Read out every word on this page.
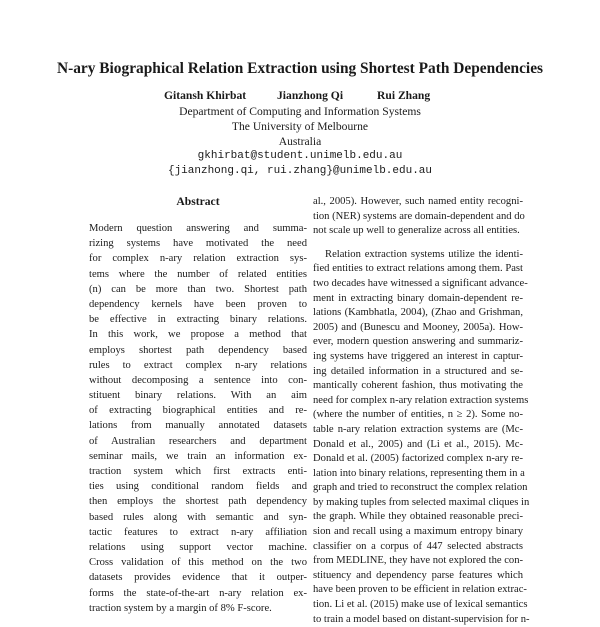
N-ary Biographical Relation Extraction using Shortest Path Dependencies
Gitansh Khirbat	Jianzhong Qi	Rui Zhang
Department of Computing and Information Systems
The University of Melbourne
Australia
gkhirbat@student.unimelb.edu.au
{jianzhong.qi, rui.zhang}@unimelb.edu.au
Abstract
Modern question answering and summa-
rizing systems have motivated the need
for complex n-ary relation extraction sys-
tems where the number of related entities
(n) can be more than two. Shortest path
dependency kernels have been proven to
be effective in extracting binary relations.
In this work, we propose a method that
employs shortest path dependency based
rules to extract complex n-ary relations
without decomposing a sentence into con-
stituent binary relations. With an aim
of extracting biographical entities and re-
lations from manually annotated datasets
of Australian researchers and department
seminar mails, we train an information ex-
traction system which first extracts enti-
ties using conditional random fields and
then employs the shortest path dependency
based rules along with semantic and syn-
tactic features to extract n-ary affiliation
relations using support vector machine.
Cross validation of this method on the two
datasets provides evidence that it outper-
forms the state-of-the-art n-ary relation ex-
traction system by a margin of 8% F-score.
al., 2005). However, such named entity recogni-
tion (NER) systems are domain-dependent and do
not scale up well to generalize across all entities.
Relation extraction systems utilize the identi-
fied entities to extract relations among them. Past
two decades have witnessed a significant advance-
ment in extracting binary domain-dependent re-
lations (Kambhatla, 2004), (Zhao and Grishman,
2005) and (Bunescu and Mooney, 2005a). How-
ever, modern question answering and summariz-
ing systems have triggered an interest in captur-
ing detailed information in a structured and se-
mantically coherent fashion, thus motivating the
need for complex n-ary relation extraction systems
(where the number of entities, n ≥ 2). Some no-
table n-ary relation extraction systems are (Mc-
Donald et al., 2005) and (Li et al., 2015). Mc-
Donald et al. (2005) factorized complex n-ary re-
lation into binary relations, representing them in a
graph and tried to reconstruct the complex relation
by making tuples from selected maximal cliques in
the graph. While they obtained reasonable preci-
sion and recall using a maximum entropy binary
classifier on a corpus of 447 selected abstracts
from MEDLINE, they have not explored the con-
stituency and dependency parse features which
have been proven to be efficient in relation extrac-
tion. Li et al. (2015) make use of lexical semantics
to train a model based on distant-supervision for n-
